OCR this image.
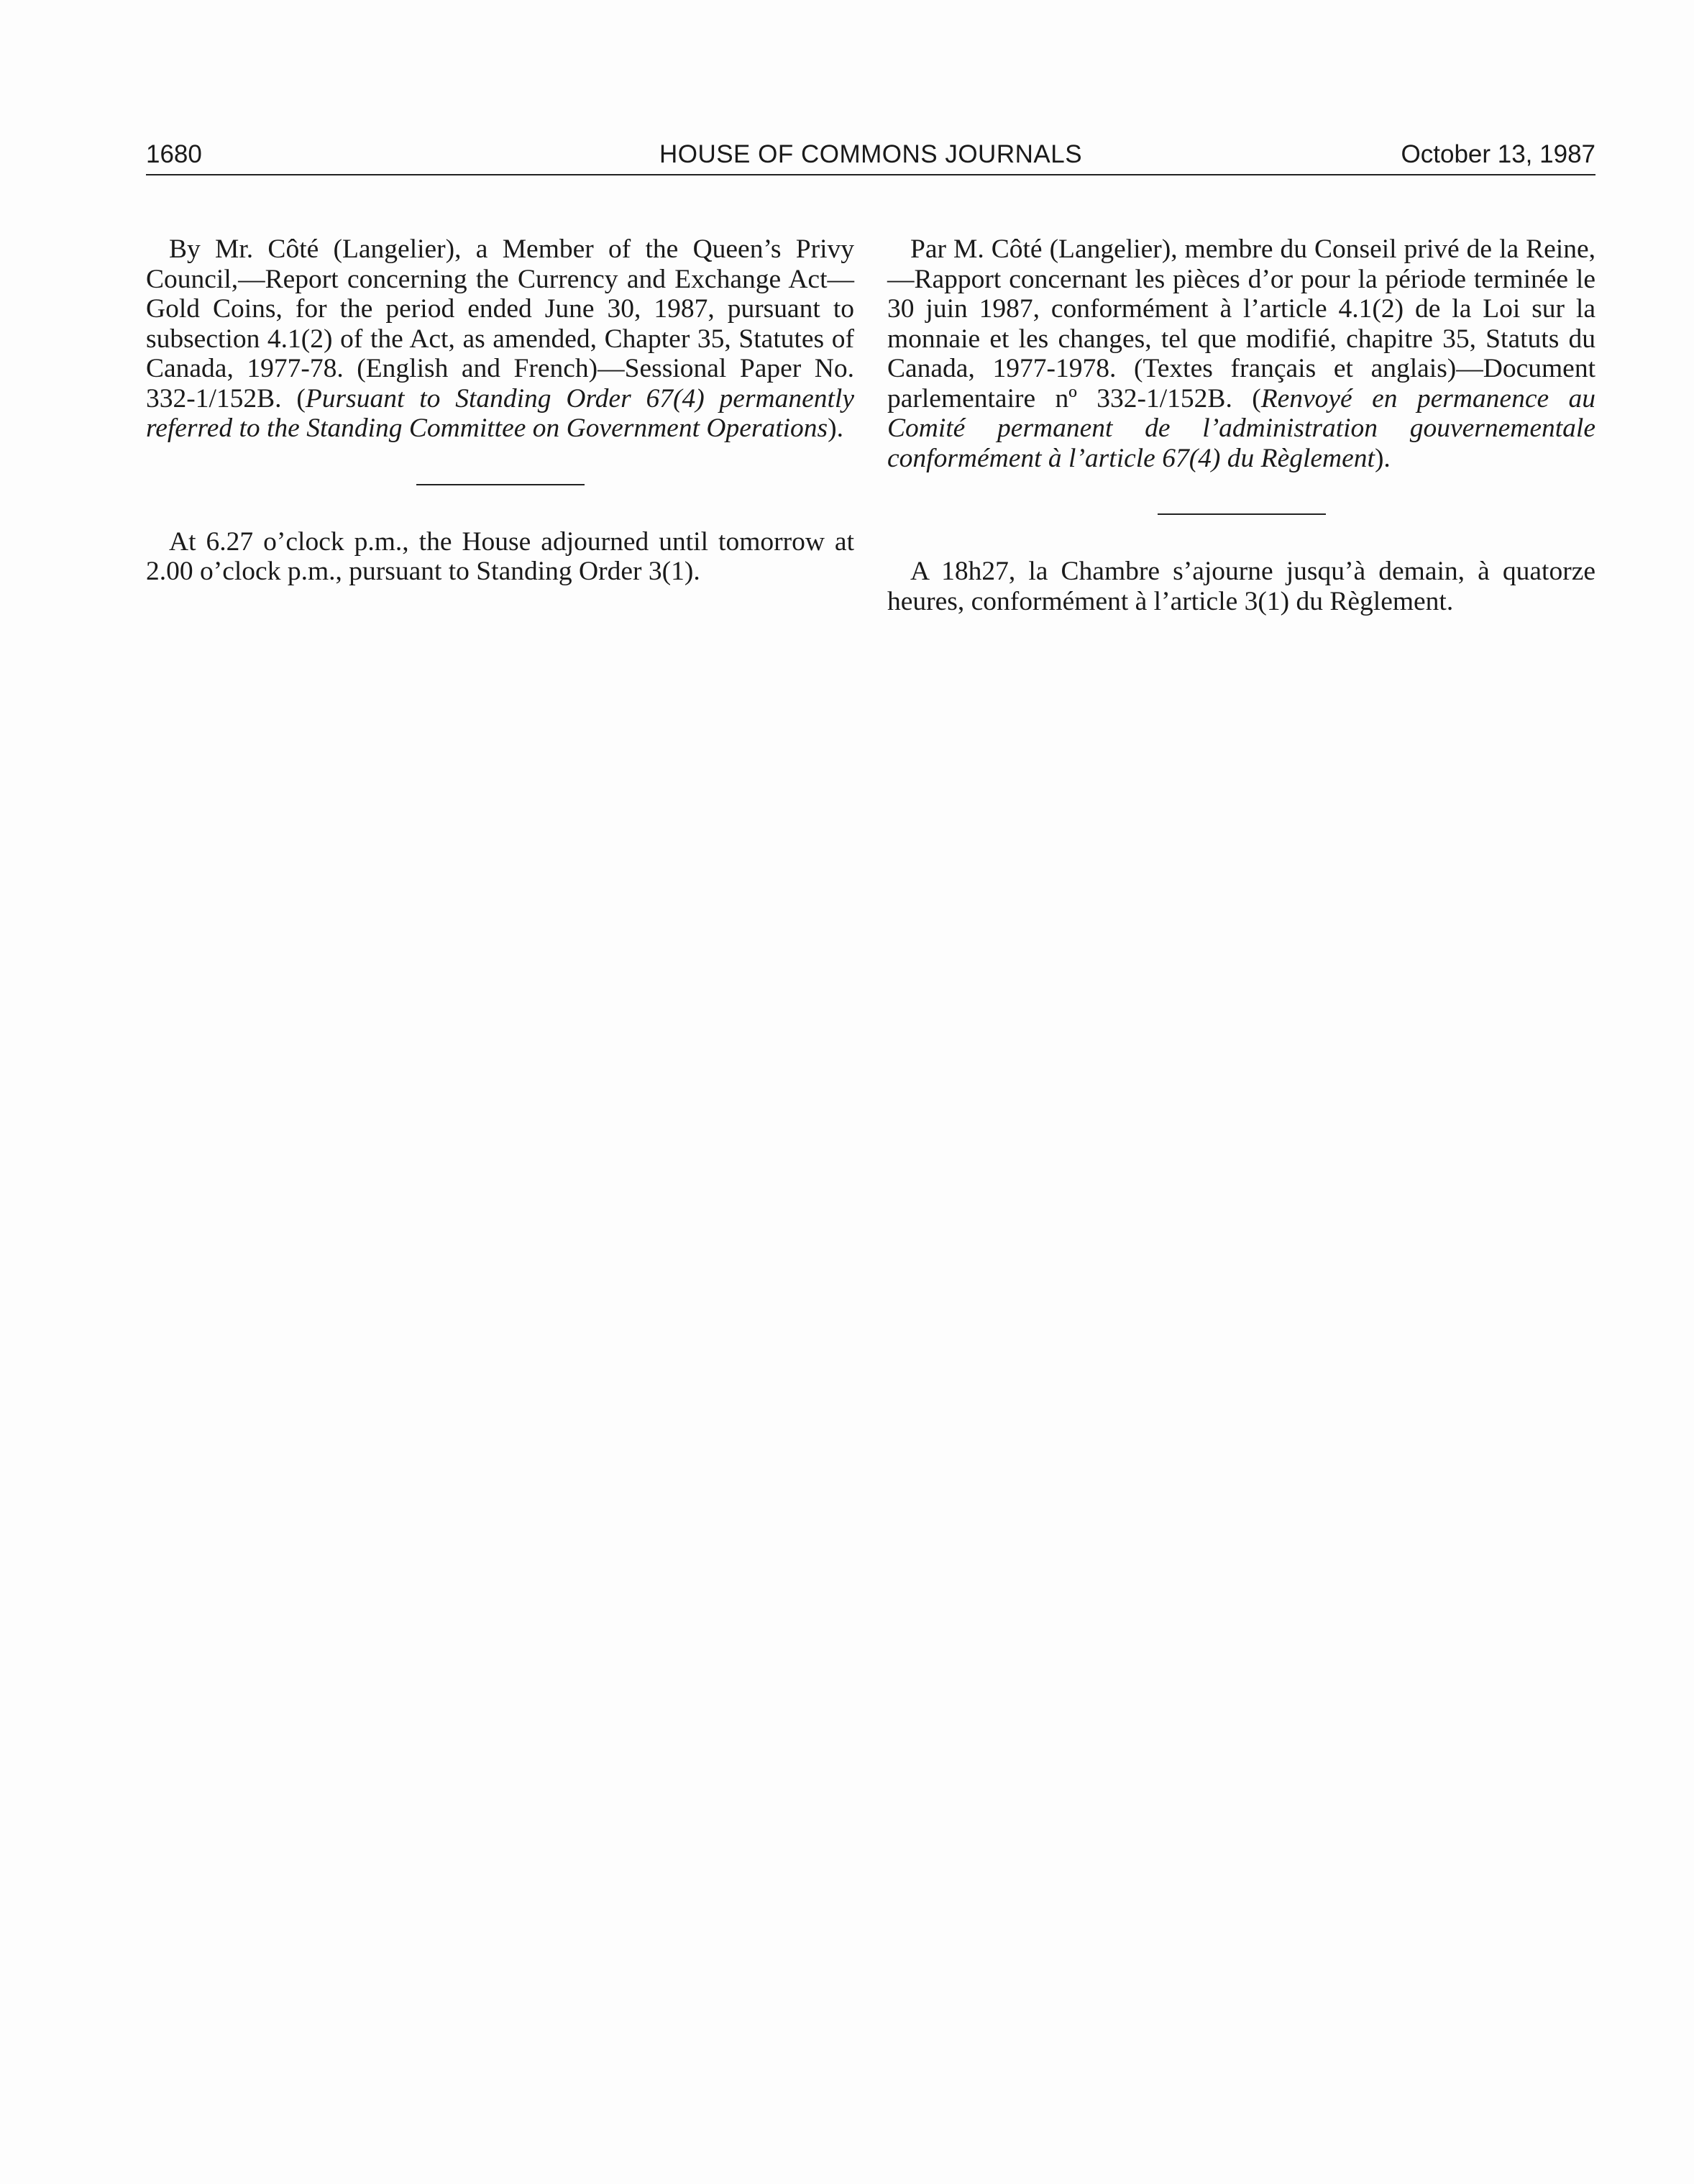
1680	HOUSE OF COMMONS JOURNALS	October 13, 1987

By Mr. Côté (Langelier), a Member of the Queen’s Privy Council,—Report concerning the Currency and Exchange Act—Gold Coins, for the period ended June 30, 1987, pursuant to subsection 4.1(2) of the Act, as amended, Chapter 35, Statutes of Canada, 1977-78. (English and French)—Sessional Paper No. 332-1/152B. (Pursuant to Standing Order 67(4) permanently referred to the Standing Committee on Government Operations).

At 6.27 o’clock p.m., the House adjourned until tomorrow at 2.00 o’clock p.m., pursuant to Standing Order 3(1).

Par M. Côté (Langelier), membre du Conseil privé de la Reine,—Rapport concernant les pièces d’or pour la période terminée le 30 juin 1987, conformément à l’article 4.1(2) de la Loi sur la monnaie et les changes, tel que modifié, chapitre 35, Statuts du Canada, 1977-1978. (Textes français et anglais)—Document parlementaire nº 332-1/152B. (Renvoyé en permanence au Comité permanent de l’administration gouvernementale conformément à l’article 67(4) du Règlement).

A 18h27, la Chambre s’ajourne jusqu’à demain, à quatorze heures, conformément à l’article 3(1) du Règlement.
